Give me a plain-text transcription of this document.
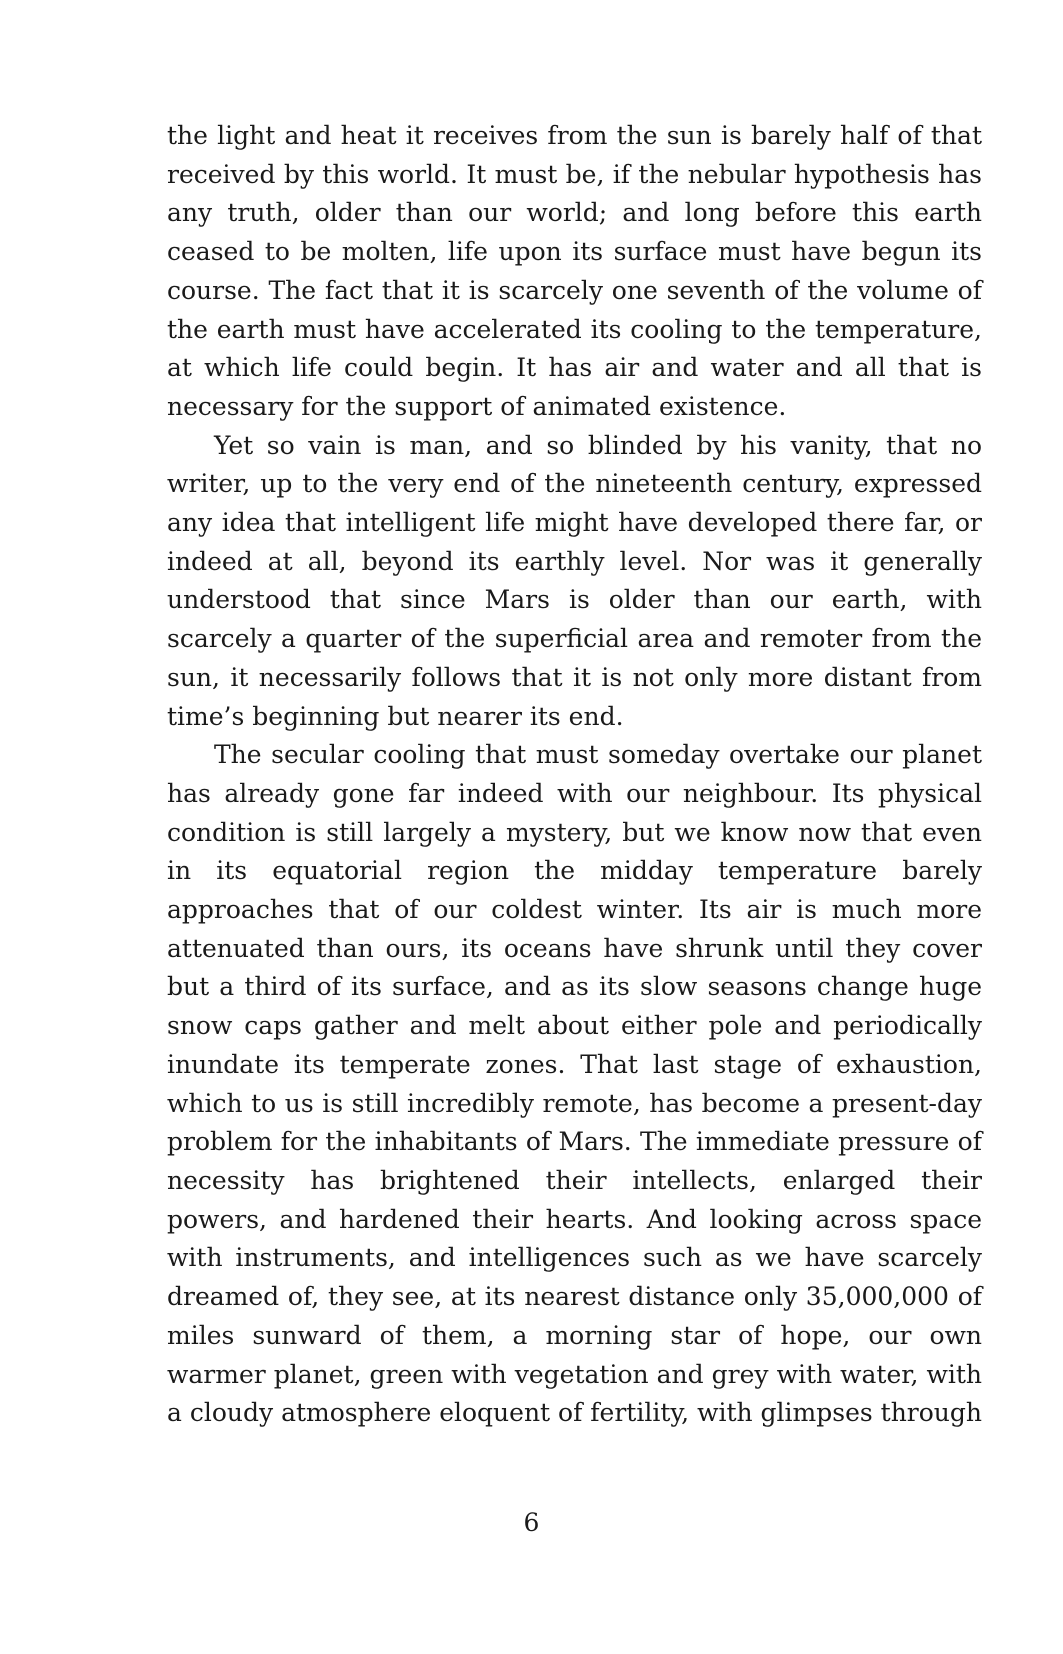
the light and heat it receives from the sun is barely half of that received by this world. It must be, if the nebular hypothesis has any truth, older than our world; and long before this earth ceased to be molten, life upon its surface must have begun its course. The fact that it is scarcely one seventh of the volume of the earth must have accelerated its cooling to the temperature, at which life could begin. It has air and water and all that is necessary for the support of animated existence.

Yet so vain is man, and so blinded by his vanity, that no writer, up to the very end of the nineteenth century, expressed any idea that intelligent life might have developed there far, or indeed at all, beyond its earthly level. Nor was it generally understood that since Mars is older than our earth, with scarcely a quarter of the superficial area and remoter from the sun, it necessarily follows that it is not only more distant from time’s beginning but nearer its end.

The secular cooling that must someday overtake our planet has already gone far indeed with our neighbour. Its physical condition is still largely a mystery, but we know now that even in its equatorial region the midday temperature barely approaches that of our coldest winter. Its air is much more attenuated than ours, its oceans have shrunk until they cover but a third of its surface, and as its slow seasons change huge snow caps gather and melt about either pole and periodically inundate its temperate zones. That last stage of exhaustion, which to us is still incredibly remote, has become a present-day problem for the inhabitants of Mars. The immediate pressure of necessity has brightened their intellects, enlarged their powers, and hardened their hearts. And looking across space with instruments, and intelligences such as we have scarcely dreamed of, they see, at its nearest distance only 35,000,000 of miles sunward of them, a morning star of hope, our own warmer planet, green with vegetation and grey with water, with a cloudy atmosphere eloquent of fertility, with glimpses through

6
